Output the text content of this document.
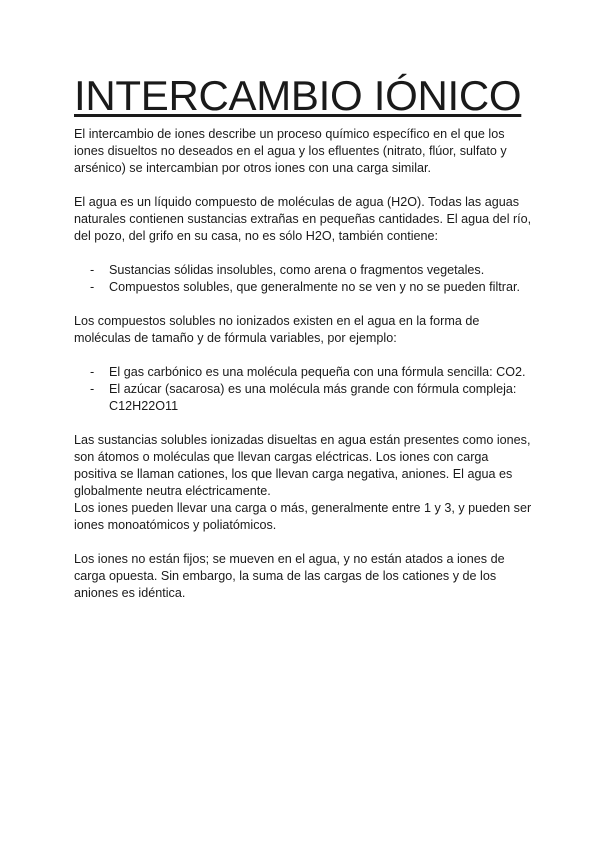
INTERCAMBIO IÓNICO

El intercambio de iones describe un proceso químico específico en el que los iones disueltos no deseados en el agua y los efluentes (nitrato, flúor, sulfato y arsénico) se intercambian por otros iones con una carga similar.

El agua es un líquido compuesto de moléculas de agua (H2O). Todas las aguas naturales contienen sustancias extrañas en pequeñas cantidades. El agua del río, del pozo, del grifo en su casa, no es sólo H2O, también contiene:

- Sustancias sólidas insolubles, como arena o fragmentos vegetales.
- Compuestos solubles, que generalmente no se ven y no se pueden filtrar.

Los compuestos solubles no ionizados existen en el agua en la forma de moléculas de tamaño y de fórmula variables, por ejemplo:

- El gas carbónico es una molécula pequeña con una fórmula sencilla: CO2.
- El azúcar (sacarosa) es una molécula más grande con fórmula compleja: C12H22O11

Las sustancias solubles ionizadas disueltas en agua están presentes como iones, son átomos o moléculas que llevan cargas eléctricas. Los iones con carga positiva se llaman cationes, los que llevan carga negativa, aniones. El agua es globalmente neutra eléctricamente.

Los iones pueden llevar una carga o más, generalmente entre 1 y 3, y pueden ser iones monoatómicos y poliatómicos.

Los iones no están fijos; se mueven en el agua, y no están atados a iones de carga opuesta. Sin embargo, la suma de las cargas de los cationes y de los aniones es idéntica.
